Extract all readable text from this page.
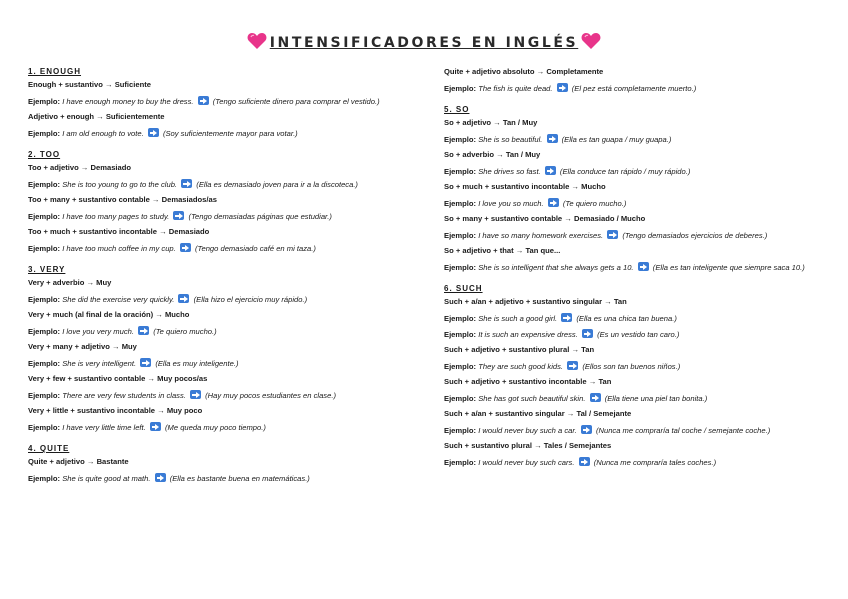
INTENSIFICADORES EN INGLÉS
1. ENOUGH
Enough + sustantivo → Suficiente
Ejemplo: I have enough money to buy the dress.	(Tengo suficiente dinero para comprar el vestido.)
Adjetivo + enough → Suficientemente
Ejemplo: I am old enough to vote.	(Soy suficientemente mayor para votar.)
2. TOO
Too + adjetivo → Demasiado
Ejemplo: She is too young to go to the club.	(Ella es demasiado joven para ir a la discoteca.)
Too + many + sustantivo contable → Demasiados/as
Ejemplo: I have too many pages to study.	(Tengo demasiadas páginas que estudiar.)
Too + much + sustantivo incontable → Demasiado
Ejemplo: I have too much coffee in my cup.	(Tengo demasiado café en mi taza.)
3. VERY
Very + adverbio → Muy
Ejemplo: She did the exercise very quickly.	(Ella hizo el ejercicio muy rápido.)
Very + much (al final de la oración) → Mucho
Ejemplo: I love you very much.	(Te quiero mucho.)
Very + many + adjetivo → Muy
Ejemplo: She is very intelligent.	(Ella es muy inteligente.)
Very + few + sustantivo contable → Muy pocos/as
Ejemplo: There are very few students in class.	(Hay muy pocos estudiantes en clase.)
Very + little + sustantivo incontable → Muy poco
Ejemplo: I have very little time left.	(Me queda muy poco tiempo.)
4. QUITE
Quite + adjetivo → Bastante
Ejemplo: She is quite good at math.	(Ella es bastante buena en matemáticas.)
Quite + adjetivo absoluto → Completamente
Ejemplo: The fish is quite dead.	(El pez está completamente muerto.)
5. SO
So + adjetivo → Tan / Muy
Ejemplo: She is so beautiful.	(Ella es tan guapa / muy guapa.)
So + adverbio → Tan / Muy
Ejemplo: She drives so fast.	(Ella conduce tan rápido / muy rápido.)
So + much + sustantivo incontable → Mucho
Ejemplo: I love you so much.	(Te quiero mucho.)
So + many + sustantivo contable → Demasiado / Mucho
Ejemplo: I have so many homework exercises.	(Tengo demasiados ejercicios de deberes.)
So + adjetivo + that → Tan que...
Ejemplo: She is so intelligent that she always gets a 10.	(Ella es tan inteligente que siempre saca 10.)
6. SUCH
Such + a/an + adjetivo + sustantivo singular → Tan
Ejemplo: She is such a good girl.	(Ella es una chica tan buena.)
Ejemplo: It is such an expensive dress.	(Es un vestido tan caro.)
Such + adjetivo + sustantivo plural → Tan
Ejemplo: They are such good kids.	(Ellos son tan buenos niños.)
Such + adjetivo + sustantivo incontable → Tan
Ejemplo: She has got such beautiful skin.	(Ella tiene una piel tan bonita.)
Such + a/an + sustantivo singular → Tal / Semejante
Ejemplo: I would never buy such a car.	(Nunca me compraría tal coche / semejante coche.)
Such + sustantivo plural → Tales / Semejantes
Ejemplo: I would never buy such cars.	(Nunca me compraría tales coches.)
